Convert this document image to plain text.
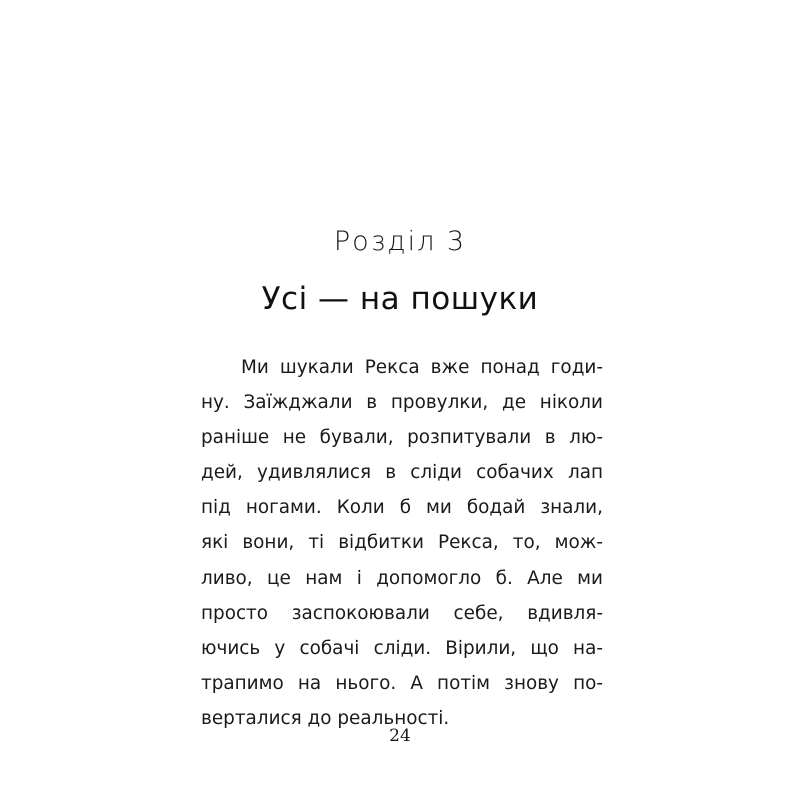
Розділ 3
Усі — на пошуки
Ми шукали Рекса вже понад годи-
ну. Заїжджали в провулки, де ніколи
раніше не бували, розпитували в лю-
дей, удивлялися в сліди собачих лап
під ногами. Коли б ми бодай знали,
які вони, ті відбитки Рекса, то, мож-
ливо, це нам і допомогло б. Але ми
просто заспокоювали себе, вдивля-
ючись у собачі сліди. Вірили, що на-
трапимо на нього. А потім знову по-
верталися до реальності.
24
